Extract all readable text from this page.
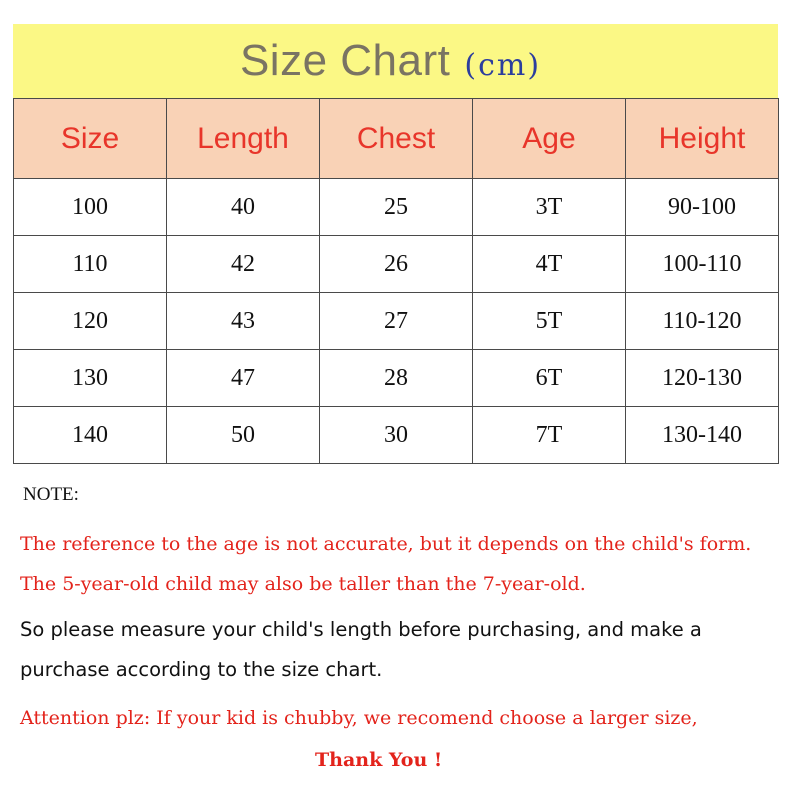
Size Chart (cm)
Size	Length	Chest	Age	Height
100	40	25	3T	90-100
110	42	26	4T	100-110
120	43	27	5T	110-120
130	47	28	6T	120-130
140	50	30	7T	130-140

NOTE:

The reference to the age is not accurate, but it depends on the child's form. The 5-year-old child may also be taller than the 7-year-old.

So please measure your child's length before purchasing, and make a purchase according to the size chart.

Attention plz: If your kid is chubby, we recomend choose a larger size,

Thank You !
